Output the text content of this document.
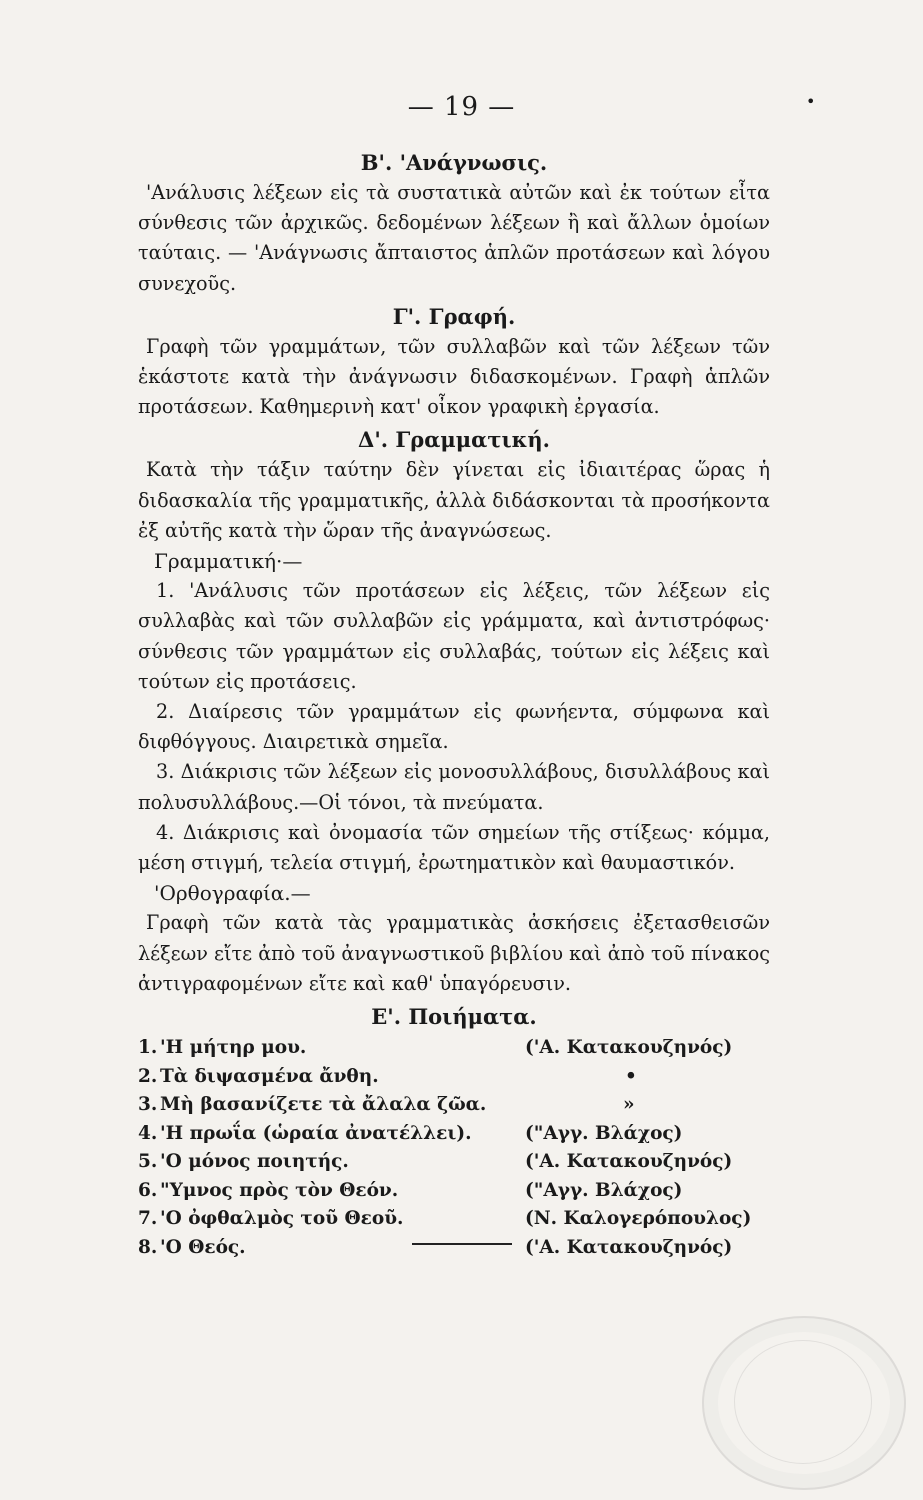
— 19 —	•
Β'. 'Ανάγνωσις.

'Ανάλυσις λέξεων εἰς τὰ συστατικὰ αὐτῶν καὶ ἐκ τούτων εἶτα σύνθεσις τῶν ἀρχικῶς. δεδομένων λέξεων ἢ καὶ ἄλλων ὁμοίων ταύταις. — 'Ανάγνωσις ἄπταιστος ἁπλῶν προτάσεων καὶ λόγου συνεχοῦς.

Γ'. Γραφή.

Γραφὴ τῶν γραμμάτων, τῶν συλλαβῶν καὶ τῶν λέξεων τῶν ἑκάστοτε κατὰ τὴν ἀνάγνωσιν διδασκομένων. Γραφὴ ἁπλῶν προτάσεων. Καθημερινὴ κατ' οἶκον γραφικὴ ἐργασία.

Δ'. Γραμματική.

Κατὰ τὴν τάξιν ταύτην δὲν γίνεται εἰς ἰδιαιτέρας ὥρας ἡ διδασκαλία τῆς γραμματικῆς, ἀλλὰ διδάσκονται τὰ προσήκοντα ἐξ αὐτῆς κατὰ τὴν ὥραν τῆς ἀναγνώσεως.

Γραμματική·—

1. 'Ανάλυσις τῶν προτάσεων εἰς λέξεις, τῶν λέξεων εἰς συλλαβὰς καὶ τῶν συλλαβῶν εἰς γράμματα, καὶ ἀντιστρόφως· σύνθεσις τῶν γραμμάτων εἰς συλλαβάς, τούτων εἰς λέξεις καὶ τούτων εἰς προτάσεις.

2. Διαίρεσις τῶν γραμμάτων εἰς φωνήεντα, σύμφωνα καὶ διφθόγγους. Διαιρετικὰ σημεῖα.

3. Διάκρισις τῶν λέξεων εἰς μονοσυλλάβους, δισυλλάβους καὶ πολυσυλλάβους.—Οἱ τόνοι, τὰ πνεύματα.

4. Διάκρισις καὶ ὀνομασία τῶν σημείων τῆς στίξεως· κόμμα, μέση στιγμή, τελεία στιγμή, ἐρωτηματικὸν καὶ θαυμαστικόν.

'Ορθογραφία.—

Γραφὴ τῶν κατὰ τὰς γραμματικὰς ἀσκήσεις ἐξετασθεισῶν λέξεων εἴτε ἀπὸ τοῦ ἀναγνωστικοῦ βιβλίου καὶ ἀπὸ τοῦ πίνακος ἀντιγραφομένων εἴτε καὶ καθ' ὑπαγόρευσιν.

Ε'. Ποιήματα.
1. 'Η μήτηρ μου.	('Α. Κατακουζηνός)
2. Τὰ διψασμένα ἄνθη.	•
3. Μὴ βασανίζετε τὰ ἄλαλα ζῶα.	»
4. 'Η πρωΐα (ὡραία ἀνατέλλει).	("Αγγ. Βλάχος)
5. 'Ο μόνος ποιητής.	('Α. Κατακουζηνός)
6. "Υμνος πρὸς τὸν Θεόν.	("Αγγ. Βλάχος)
7. 'Ο ὀφθαλμὸς τοῦ Θεοῦ.	(Ν. Καλογερόπουλος)
8. 'Ο Θεός.	('Α. Κατακουζηνός)
